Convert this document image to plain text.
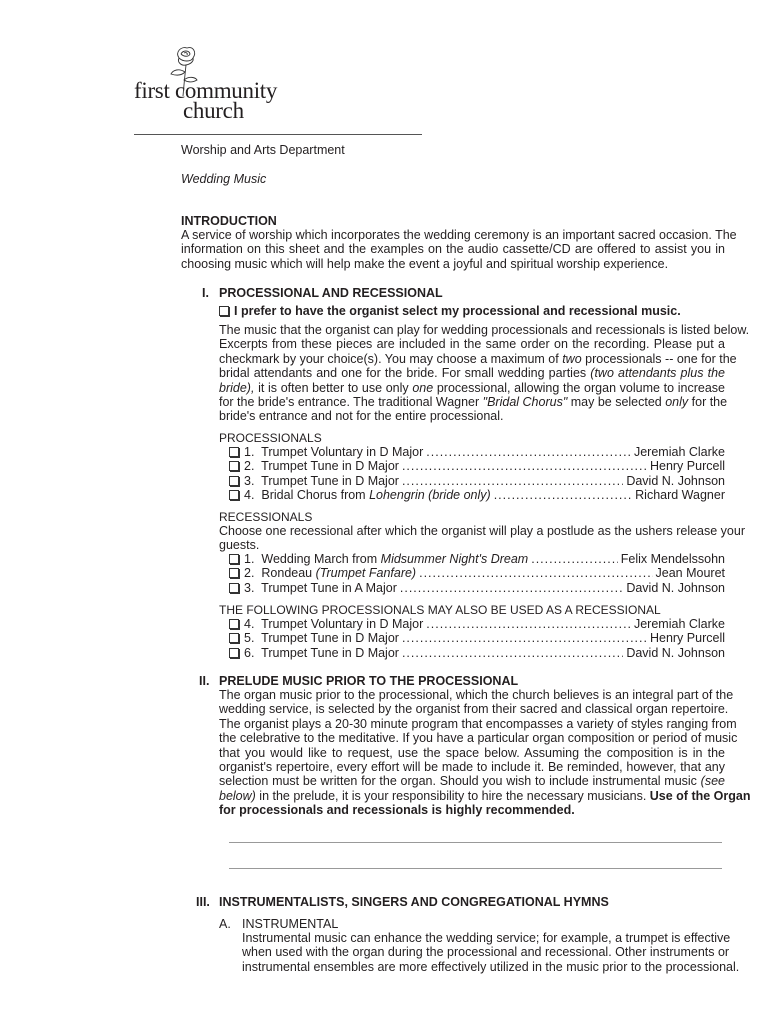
first community
church
Worship and Arts Department
Wedding Music
INTRODUCTION
A service of worship which incorporates the wedding ceremony is an important sacred occasion. The
information on this sheet and the examples on the audio cassette/CD are offered to assist you in
choosing music which will help make the event a joyful and spiritual worship experience.
I. PROCESSIONAL AND RECESSIONAL
I prefer to have the organist select my processional and recessional music.
The music that the organist can play for wedding processionals and recessionals is listed below.
Excerpts from these pieces are included in the same order on the recording. Please put a
checkmark by your choice(s). You may choose a maximum of two processionals -- one for the
bridal attendants and one for the bride. For small wedding parties (two attendants plus the
bride), it is often better to use only one processional, allowing the organ volume to increase
for the bride's entrance. The traditional Wagner "Bridal Chorus" may be selected only for the
bride's entrance and not for the entire processional.
PROCESSIONALS
1. Trumpet Voluntary in D Major .....	Jeremiah Clarke
2. Trumpet Tune in D Major .....	Henry Purcell
3. Trumpet Tune in D Major .....	David N. Johnson
4. Bridal Chorus from Lohengrin (bride only) .....	Richard Wagner
RECESSIONALS
Choose one recessional after which the organist will play a postlude as the ushers release your
guests.
1. Wedding March from Midsummer Night's Dream .....	Felix Mendelssohn
2. Rondeau (Trumpet Fanfare) .....	Jean Mouret
3. Trumpet Tune in A Major .....	David N. Johnson
THE FOLLOWING PROCESSIONALS MAY ALSO BE USED AS A RECESSIONAL
4. Trumpet Voluntary in D Major .....	Jeremiah Clarke
5. Trumpet Tune in D Major .....	Henry Purcell
6. Trumpet Tune in D Major .....	David N. Johnson
II. PRELUDE MUSIC PRIOR TO THE PROCESSIONAL
The organ music prior to the processional, which the church believes is an integral part of the
wedding service, is selected by the organist from their sacred and classical organ repertoire.
The organist plays a 20-30 minute program that encompasses a variety of styles ranging from
the celebrative to the meditative. If you have a particular organ composition or period of music
that you would like to request, use the space below. Assuming the composition is in the
organist's repertoire, every effort will be made to include it. Be reminded, however, that any
selection must be written for the organ. Should you wish to include instrumental music (see
below) in the prelude, it is your responsibility to hire the necessary musicians. Use of the Organ
for processionals and recessionals is highly recommended.
III. INSTRUMENTALISTS, SINGERS AND CONGREGATIONAL HYMNS
A. INSTRUMENTAL
Instrumental music can enhance the wedding service; for example, a trumpet is effective
when used with the organ during the processional and recessional. Other instruments or
instrumental ensembles are more effectively utilized in the music prior to the processional.
